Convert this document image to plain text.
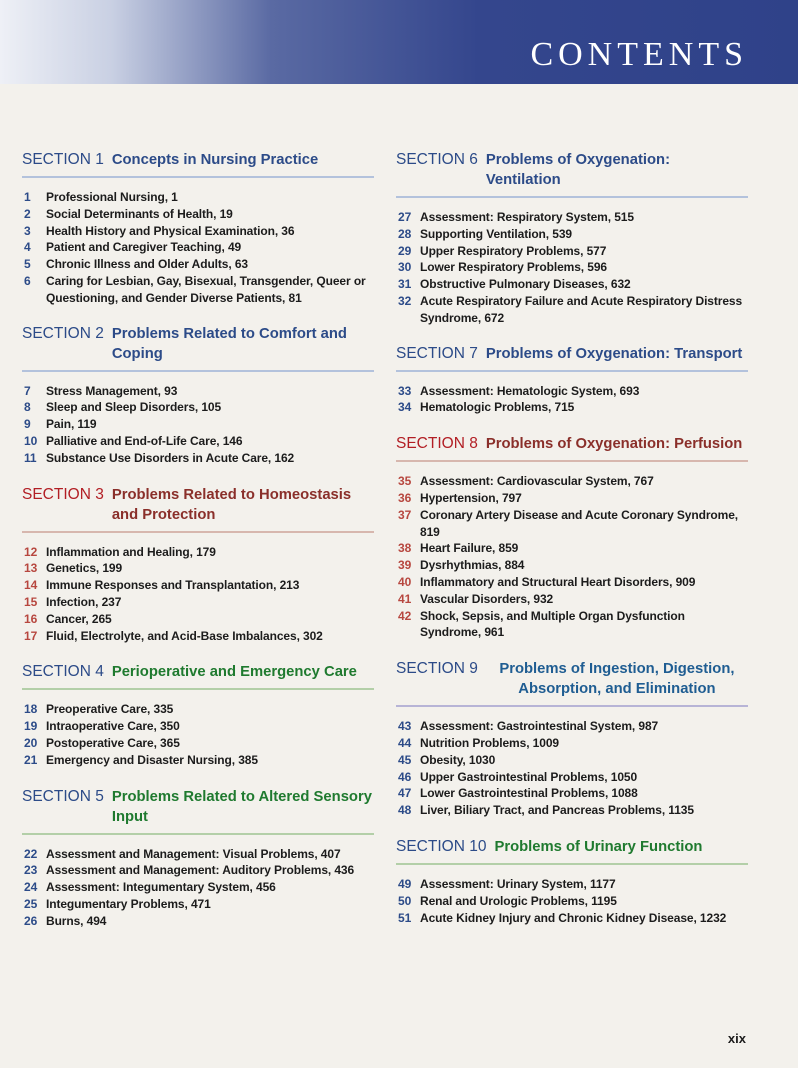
CONTENTS
SECTION 1 Concepts in Nursing Practice
1	Professional Nursing, 1
2	Social Determinants of Health, 19
3	Health History and Physical Examination, 36
4	Patient and Caregiver Teaching, 49
5	Chronic Illness and Older Adults, 63
6	Caring for Lesbian, Gay, Bisexual, Transgender, Queer or Questioning, and Gender Diverse Patients, 81
SECTION 2 Problems Related to Comfort and Coping
7	Stress Management, 93
8	Sleep and Sleep Disorders, 105
9	Pain, 119
10 Palliative and End-of-Life Care, 146
11 Substance Use Disorders in Acute Care, 162
SECTION 3 Problems Related to Homeostasis and Protection
12 Inflammation and Healing, 179
13 Genetics, 199
14 Immune Responses and Transplantation, 213
15 Infection, 237
16 Cancer, 265
17 Fluid, Electrolyte, and Acid-Base Imbalances, 302
SECTION 4 Perioperative and Emergency Care
18 Preoperative Care, 335
19 Intraoperative Care, 350
20 Postoperative Care, 365
21 Emergency and Disaster Nursing, 385
SECTION 5 Problems Related to Altered Sensory Input
22 Assessment and Management: Visual Problems, 407
23 Assessment and Management: Auditory Problems, 436
24 Assessment: Integumentary System, 456
25 Integumentary Problems, 471
26 Burns, 494
SECTION 6 Problems of Oxygenation: Ventilation
27 Assessment: Respiratory System, 515
28 Supporting Ventilation, 539
29 Upper Respiratory Problems, 577
30 Lower Respiratory Problems, 596
31 Obstructive Pulmonary Diseases, 632
32 Acute Respiratory Failure and Acute Respiratory Distress Syndrome, 672
SECTION 7 Problems of Oxygenation: Transport
33 Assessment: Hematologic System, 693
34 Hematologic Problems, 715
SECTION 8 Problems of Oxygenation: Perfusion
35 Assessment: Cardiovascular System, 767
36 Hypertension, 797
37 Coronary Artery Disease and Acute Coronary Syndrome, 819
38 Heart Failure, 859
39 Dysrhythmias, 884
40 Inflammatory and Structural Heart Disorders, 909
41 Vascular Disorders, 932
42 Shock, Sepsis, and Multiple Organ Dysfunction Syndrome, 961
SECTION 9	Problems of Ingestion, Digestion, Absorption, and Elimination
43 Assessment: Gastrointestinal System, 987
44 Nutrition Problems, 1009
45 Obesity, 1030
46 Upper Gastrointestinal Problems, 1050
47 Lower Gastrointestinal Problems, 1088
48 Liver, Biliary Tract, and Pancreas Problems, 1135
SECTION 10 Problems of Urinary Function
49 Assessment: Urinary System, 1177
50 Renal and Urologic Problems, 1195
51 Acute Kidney Injury and Chronic Kidney Disease, 1232
xix
